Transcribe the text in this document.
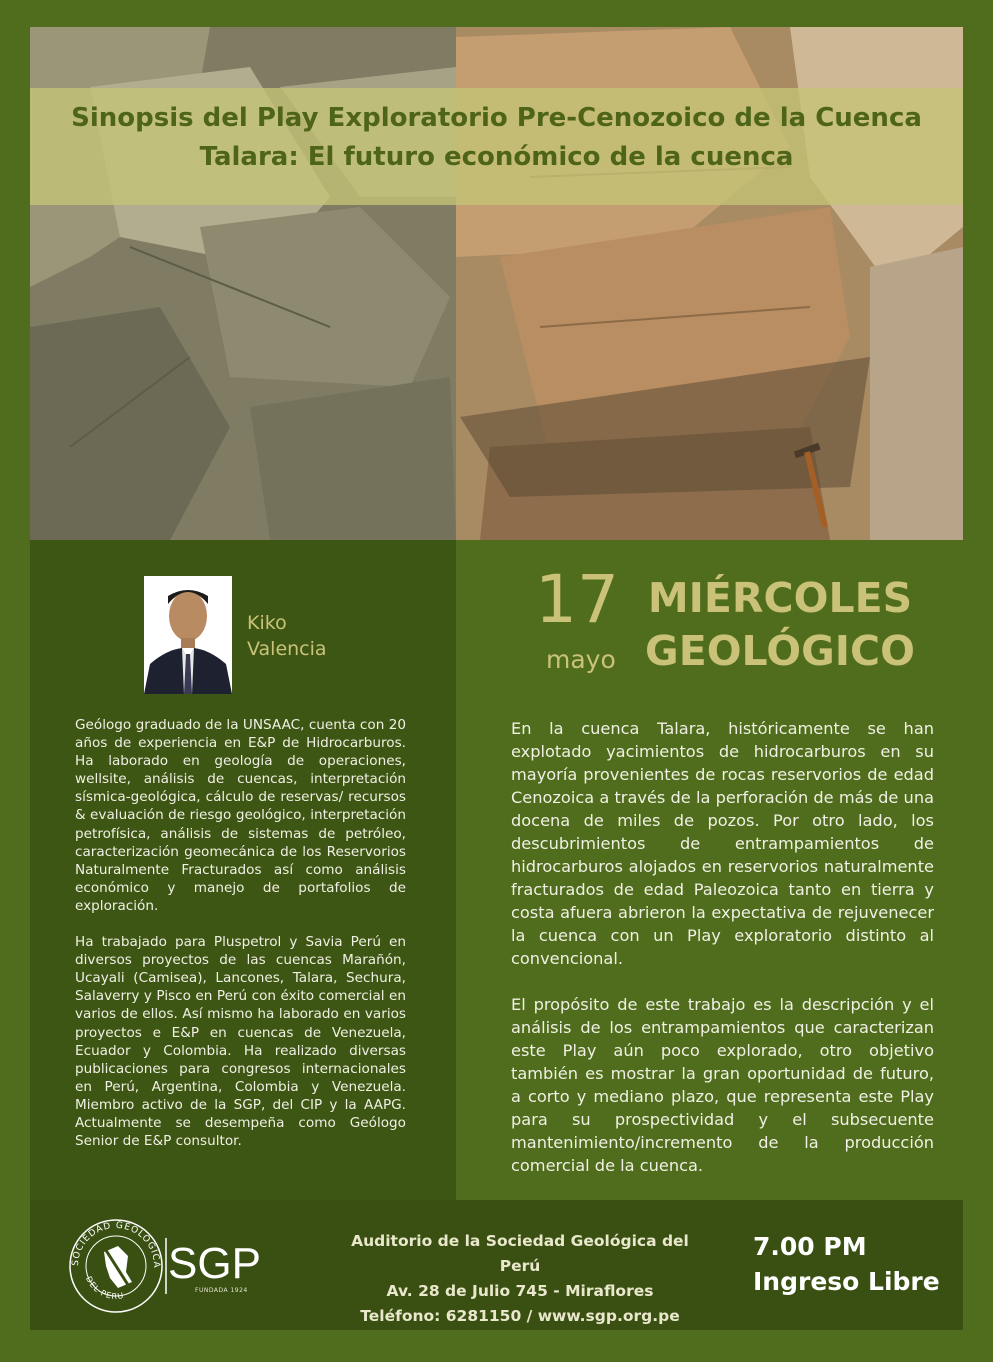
Sinopsis del Play Exploratorio Pre-Cenozoico de la Cuenca
Talara: El futuro económico de la cuenca
Kiko
Valencia

Geólogo graduado de la UNSAAC, cuenta con 20 años de experiencia en E&P de Hidrocarburos. Ha laborado en geología de operaciones, wellsite, análisis de cuencas, interpretación sísmica-geológica, cálculo de reservas/ recursos & evaluación de riesgo geológico, interpretación petrofísica, análisis de sistemas de petróleo, caracterización geomecánica de los Reservorios Naturalmente Fracturados así como análisis económico y manejo de portafolios de exploración.

Ha trabajado para Pluspetrol y Savia Perú en diversos proyectos de las cuencas Marañón, Ucayali (Camisea), Lancones, Talara, Sechura, Salaverry y Pisco en Perú con éxito comercial en varios de ellos. Así mismo ha laborado en varios proyectos e E&P en cuencas de Venezuela, Ecuador y Colombia. Ha realizado diversas publicaciones para congresos internacionales en Perú, Argentina, Colombia y Venezuela. Miembro activo de la SGP, del CIP y la AAPG. Actualmente se desempeña como Geólogo Senior de E&P consultor.

17
mayo
MIÉRCOLES
GEOLÓGICO

En la cuenca Talara, históricamente se han explotado yacimientos de hidrocarburos en su mayoría provenientes de rocas reservorios de edad Cenozoica a través de la perforación de más de una docena de miles de pozos. Por otro lado, los descubrimientos de entrampamientos de hidrocarburos alojados en reservorios naturalmente fracturados de edad Paleozoica tanto en tierra y costa afuera abrieron la expectativa de rejuvenecer la cuenca con un Play exploratorio distinto al convencional.

El propósito de este trabajo es la descripción y el análisis de los entrampamientos que caracterizan este Play aún poco explorado, otro objetivo también es mostrar la gran oportunidad de futuro, a corto y mediano plazo, que representa este Play para su prospectividad y el subsecuente mantenimiento/incremento de la producción comercial de la cuenca.

SOCIEDAD GEOLOGICA
DEL PERU
SGP
FUNDADA 1924
Auditorio de la Sociedad Geológica del Perú
Av. 28 de Julio 745 - Miraflores
Teléfono: 6281150 / www.sgp.org.pe
7.00 PM
Ingreso Libre
